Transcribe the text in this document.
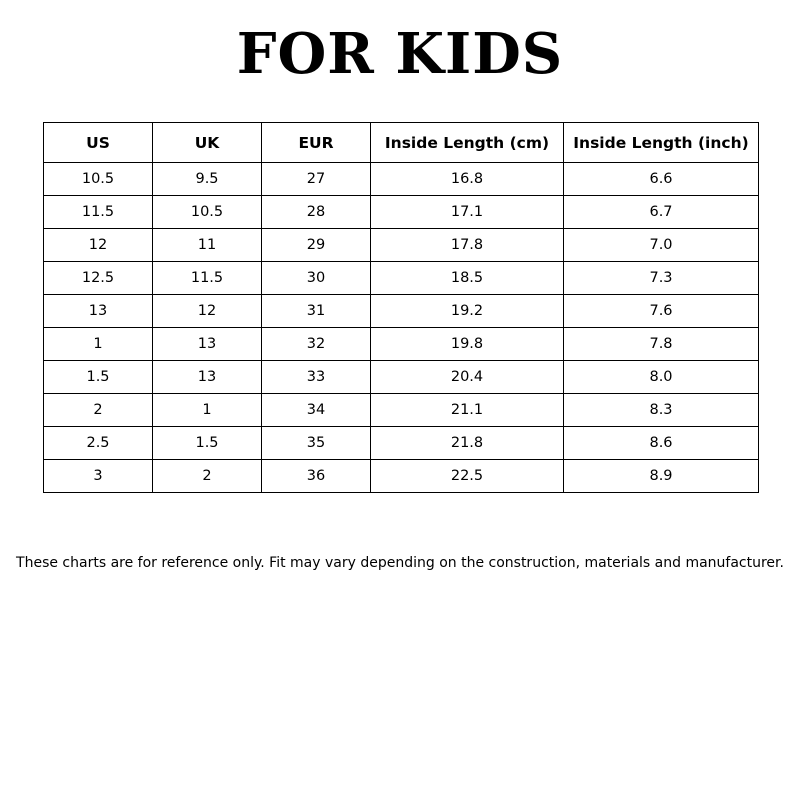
FOR KIDS
US	UK	EUR	Inside Length (cm)	Inside Length (inch)
10.5	9.5	27	16.8	6.6
11.5	10.5	28	17.1	6.7
12	11	29	17.8	7.0
12.5	11.5	30	18.5	7.3
13	12	31	19.2	7.6
1	13	32	19.8	7.8
1.5	13	33	20.4	8.0
2	1	34	21.1	8.3
2.5	1.5	35	21.8	8.6
3	2	36	22.5	8.9

These charts are for reference only. Fit may vary depending on the construction, materials and manufacturer.
